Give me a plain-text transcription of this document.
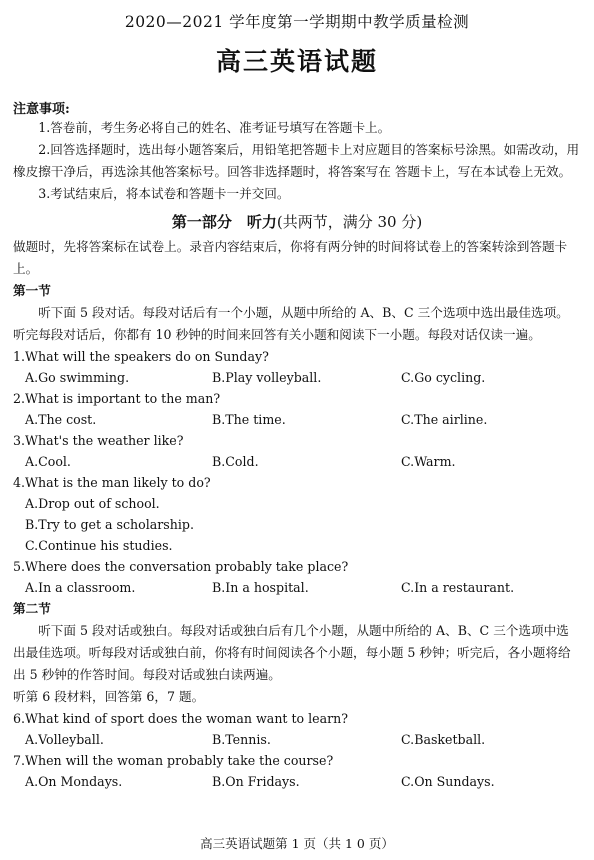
2020—2021 学年度第一学期期中教学质量检测
高三英语试题
注意事项:
1.答卷前，考生务必将自己的姓名、准考证号填写在答题卡上。
2.回答选择题时，选出每小题答案后，用铅笔把答题卡上对应题目的答案标号涂黑。如需改动，用橡皮擦干净后，再选涂其他答案标号。回答非选择题时，将答案写在 答题卡上，写在本试卷上无效。
3.考试结束后，将本试卷和答题卡一并交回。
第一部分　听力(共两节，满分 30 分)
做题时，先将答案标在试卷上。录音内容结束后，你将有两分钟的时间将试卷上的答案转涂到答题卡上。
第一节
听下面 5 段对话。每段对话后有一个小题，从题中所给的 A、B、C 三个选项中选出最佳选项。听完每段对话后，你都有 10 秒钟的时间来回答有关小题和阅读下一小题。每段对话仅读一遍。
1.What will the speakers do on Sunday?
A.Go swimming.	B.Play volleyball.	C.Go cycling.
2.What is important to the man?
A.The cost.	B.The time.	C.The airline.
3.What's the weather like?
A.Cool.	B.Cold.	C.Warm.
4.What is the man likely to do?
A.Drop out of school.
B.Try to get a scholarship.
C.Continue his studies.
5.Where does the conversation probably take place?
A.In a classroom.	B.In a hospital.	C.In a restaurant.
第二节
听下面 5 段对话或独白。每段对话或独白后有几个小题，从题中所给的 A、B、C 三个选项中选出最佳选项。听每段对话或独白前，你将有时间阅读各个小题，每小题 5 秒钟；听完后，各小题将给出 5 秒钟的作答时间。每段对话或独白读两遍。
听第 6 段材料，回答第 6，7 题。
6.What kind of sport does the woman want to learn?
A.Volleyball.	B.Tennis.	C.Basketball.
7.When will the woman probably take the course?
A.On Mondays.	B.On Fridays.	C.On Sundays.
高三英语试题第 1 页（共 1 0 页）
